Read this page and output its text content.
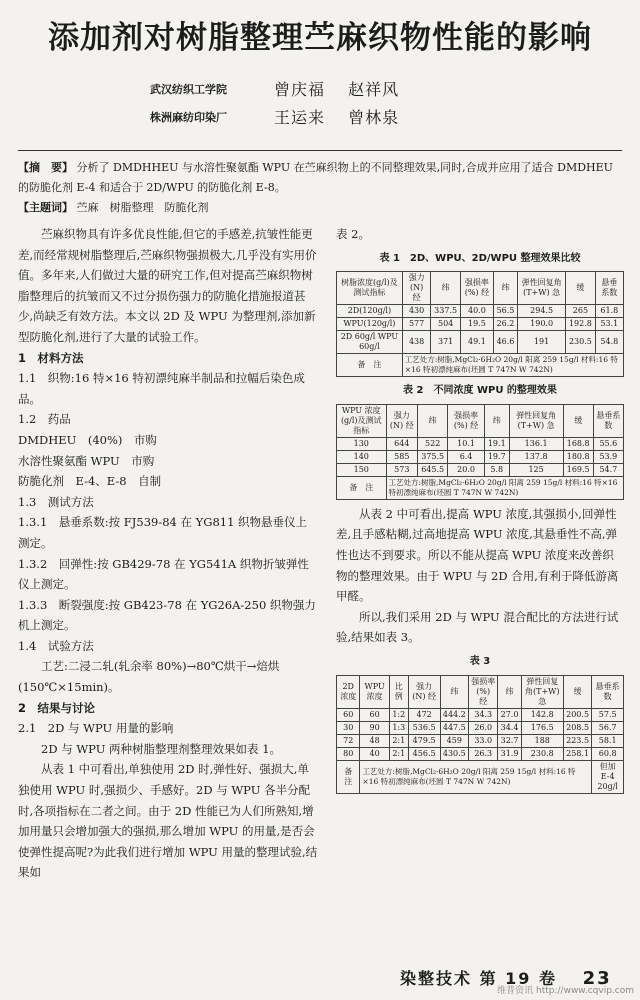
添加剂对树脂整理苎麻织物性能的影响
武汉纺织工学院	曾庆福　 赵祥风
株洲麻纺印染厂	王运来　 曾林泉
【摘　要】 分析了 DMDHHEU 与水溶性聚氨酯 WPU 在苎麻织物上的不同整理效果,同时,合成并应用了适合 DMDHEU 的防脆化剂 E-4 和适合于 2D/WPU 的防脆化剂 E-8。
【主题词】 苎麻　树脂整理　防脆化剂

苎麻织物具有许多优良性能,但它的手感差,抗皱性能更差,而经常规树脂整理后,苎麻织物强损极大,几乎没有实用价值。多年来,人们做过大量的研究工作,但对提高苎麻织物树脂整理后的抗皱而又不过分损伤强力的防脆化措施报道甚少,尚缺乏有效方法。本文以 2D 及 WPU 为整理剂,添加新型防脆化剂,进行了大量的试验工作。

1　材料方法

1.1　织物:16 特×16 特初漂纯麻半制品和拉幅后染色成品。

1.2　药品

DMDHEU　(40%)　市购

水溶性聚氨酯 WPU　市购

防脆化剂　E-4、E-8　自制

1.3　测试方法

1.3.1　悬垂系数:按 FJ539-84 在 YG811 织物悬垂仪上测定。

1.3.2　回弹性:按 GB429-78 在 YG541A 织物折皱弹性仪上测定。

1.3.3　断裂强度:按 GB423-78 在 YG26A-250 织物强力机上测定。

1.4　试验方法

工艺:二浸二轧(轧余率 80%)→80℃烘干→焙烘(150℃×15min)。

2　结果与讨论

2.1　2D 与 WPU 用量的影响

2D 与 WPU 两种树脂整理剂整理效果如表 1。

从表 1 中可看出,单独使用 2D 时,弹性好、强损大,单独使用 WPU 时,强损少、手感好。2D 与 WPU 各半分配时,各项指标在二者之间。由于 2D 性能已为人们所熟知,增加用量只会增加强大的强损,那么增加 WPU 的用量,是否会使弹性提高呢?为此我们进行增加 WPU 用量的整理试验,结果如

表 2。

表 1　2D、WPU、2D/WPU 整理效果比较
树脂浓度(g/l)及测试指标	强力(N) 经	纬	强损率(%) 经	纬	弹性回复角(T+W) 急	缓	悬垂系数
2D(120g/l)	430	337.5	40.0	56.5	294.5	265	61.8
WPU(120g/l)	577	504	19.5	26.2	190.0	192.8	53.1
2D 60g/l WPU 60g/l	438	371	49.1	46.6	191	230.5	54.8
备　注	工艺处方:树脂,MgCl₂·6H₂O 20g/l 阳离 259 15g/l 材料:16 特×16 特初漂纯麻布(坯圆 T 747N W 742N)						
表 2　不同浓度 WPU 的整理效果
WPU 浓度(g/l)及测试指标	强力(N) 经	纬	强损率(%) 经	纬	弹性回复角(T+W) 急	缓	悬垂系数
130	644	522	10.1	19.1	136.1	168.8	55.6
140	585	375.5	6.4	19.7	137.8	180.8	53.9
150	573	645.5	20.0	5.8	125	169.5	54.7
备　注	工艺处方:树脂,MgCl₂·6H₂O 20g/l 阳离 259 15g/l 材料:16 特×16 特初漂纯麻布(坯圆 T 747N W 742N)						

从表 2 中可看出,提高 WPU 浓度,其强损小,回弹性差,且手感粘糊,过高地提高 WPU 浓度,其悬垂性不高,弹性也达不到要求。所以不能从提高 WPU 浓度来改善织物的整理效果。由于 WPU 与 2D 合用,有利于降低游离甲醛。

所以,我们采用 2D 与 WPU 混合配比的方法进行试验,结果如表 3。

表 3
2D 浓度	WPU 浓度	比例	强力(N) 经	纬	强损率(%) 经	纬	弹性回复角(T+W) 急	缓	悬垂系数
60	60	1:2	472	444.2	34.3	27.0	142.8	200.5	57.5
30	90	1:3	536.5	447.5	26.0	34.4	176.5	208.5	56.7
72	48	2:1	479.5	459	33.0	32.7	188	223.5	58.1
80	40	2:1	456.5	430.5	26.3	31.9	230.8	258.1	60.8
备　注	工艺处方:树脂,MgCl₂·6H₂O 20g/l 阳离 259 15g/l 材料:16 特×16 特初漂纯麻布(坯圆 T 747N W 742N)								但加 E-4 20g/l
染整技术 第 19 卷 23
维普资讯 http://www.cqvip.com
